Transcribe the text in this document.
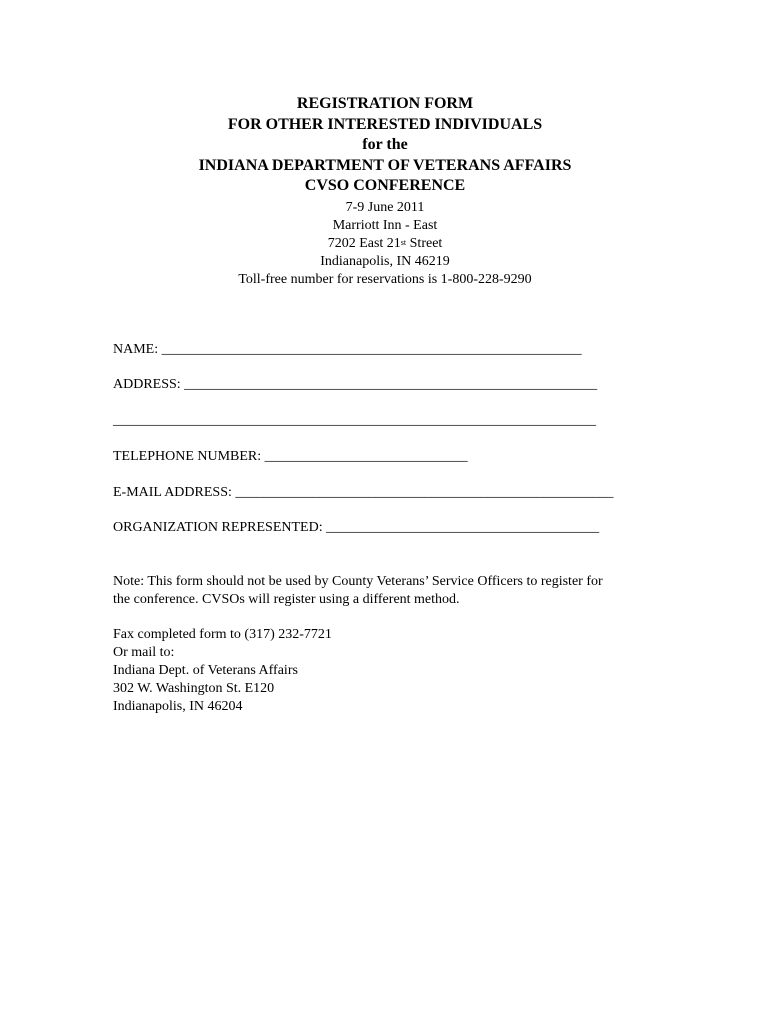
REGISTRATION FORM
FOR OTHER INTERESTED INDIVIDUALS
for the
INDIANA DEPARTMENT OF VETERANS AFFAIRS
CVSO CONFERENCE
7-9 June 2011
Marriott Inn - East
7202 East 21st Street
Indianapolis, IN 46219
Toll-free number for reservations is 1-800-228-9290
NAME: ____________________________________________________________
ADDRESS: ___________________________________________________________
_____________________________________________________________________
TELEPHONE NUMBER: _____________________________
E-MAIL ADDRESS: ______________________________________________________
ORGANIZATION REPRESENTED: _______________________________________
Note: This form should not be used by County Veterans’ Service Officers to register for
the conference. CVSOs will register using a different method.
Fax completed form to (317) 232-7721
Or mail to:
Indiana Dept. of Veterans Affairs
302 W. Washington St. E120
Indianapolis, IN 46204
